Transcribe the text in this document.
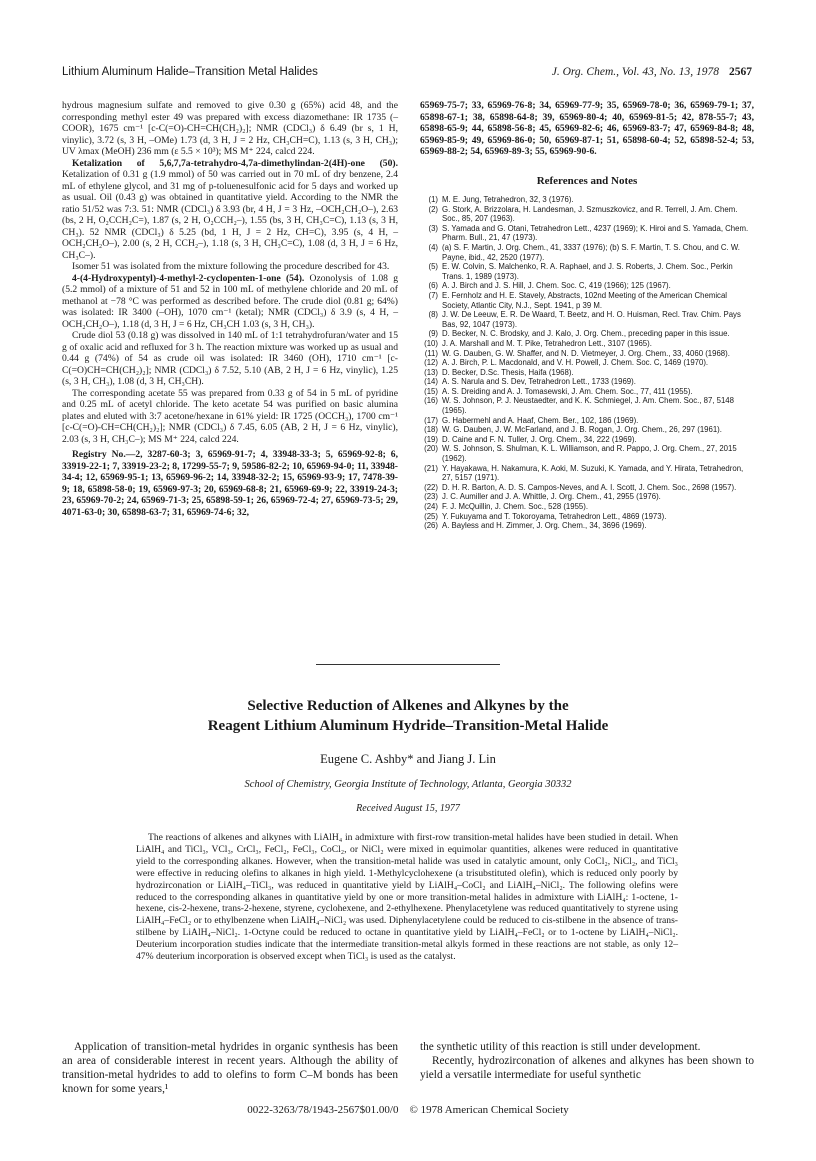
Lithium Aluminum Halide–Transition Metal Halides	J. Org. Chem., Vol. 43, No. 13, 1978 2567

hydrous magnesium sulfate and removed to give 0.30 g (65%) acid 48, and the corresponding methyl ester 49 was prepared with excess diazomethane: IR 1735 (–COOR), 1675 cm⁻¹ [c-C(=O)-CH=CH(CH₂)₂]; NMR (CDCl₃) δ 6.49 (br s, 1 H, vinylic), 3.72 (s, 3 H, –OMe) 1.73 (d, 3 H, J = 2 Hz, CH₃CH=C), 1.13 (s, 3 H, CH₃); UV λmax (MeOH) 236 mm (ε 5.5 × 10³); MS M⁺ 224, calcd 224.

Ketalization of 5,6,7,7a-tetrahydro-4,7a-dimethylindan-2(4H)-one (50). Ketalization of 0.31 g (1.9 mmol) of 50 was carried out in 70 mL of dry benzene, 2.4 mL of ethylene glycol, and 31 mg of p-toluenesulfonic acid for 5 days and worked up as usual. Oil (0.43 g) was obtained in quantitative yield. According to the NMR the ratio 51/52 was 7:3. 51: NMR (CDCl₃) δ 3.93 (br, 4 H, J = 3 Hz, –OCH₂CH₂O–), 2.63 (bs, 2 H, O₂CCH₂C=), 1.87 (s, 2 H, O₂CCH₂–), 1.55 (bs, 3 H, CH₃C=C), 1.13 (s, 3 H, CH₃). 52 NMR (CDCl₃) δ 5.25 (bd, 1 H, J = 2 Hz, CH=C), 3.95 (s, 4 H, –OCH₂CH₂O–), 2.00 (s, 2 H, CCH₂–), 1.18 (s, 3 H, CH₃C=C), 1.08 (d, 3 H, J = 6 Hz, CH₃C–).

Isomer 51 was isolated from the mixture following the procedure described for 43.

4-(4-Hydroxypentyl)-4-methyl-2-cyclopenten-1-one (54). Ozonolysis of 1.08 g (5.2 mmol) of a mixture of 51 and 52 in 100 mL of methylene chloride and 20 mL of methanol at −78 °C was performed as described before. The crude diol (0.81 g; 64%) was isolated: IR 3400 (–OH), 1070 cm⁻¹ (ketal); NMR (CDCl₃) δ 3.9 (s, 4 H, –OCH₂CH₂O–), 1.18 (d, 3 H, J = 6 Hz, CH₃CH 1.03 (s, 3 H, CH₃).

Crude diol 53 (0.18 g) was dissolved in 140 mL of 1:1 tetrahydrofuran/water and 15 g of oxalic acid and refluxed for 3 h. The reaction mixture was worked up as usual and 0.44 g (74%) of 54 as crude oil was isolated: IR 3460 (OH), 1710 cm⁻¹ [c-C(=O)CH=CH(CH₂)₂]; NMR (CDCl₃) δ 7.52, 5.10 (AB, 2 H, J = 6 Hz, vinylic), 1.25 (s, 3 H, CH₃), 1.08 (d, 3 H, CH₃CH).

The corresponding acetate 55 was prepared from 0.33 g of 54 in 5 mL of pyridine and 0.25 mL of acetyl chloride. The keto acetate 54 was purified on basic alumina plates and eluted with 3:7 acetone/hexane in 61% yield: IR 1725 (OCCH₃), 1700 cm⁻¹ [c-C(=O)-CH=CH(CH₂)₂]; NMR (CDCl₃) δ 7.45, 6.05 (AB, 2 H, J = 6 Hz, vinylic), 2.03 (s, 3 H, CH₃C–); MS M⁺ 224, calcd 224.

Registry No.—2, 3287-60-3; 3, 65969-91-7; 4, 33948-33-3; 5, 65969-92-8; 6, 33919-22-1; 7, 33919-23-2; 8, 17299-55-7; 9, 59586-82-2; 10, 65969-94-0; 11, 33948-34-4; 12, 65969-95-1; 13, 65969-96-2; 14, 33948-32-2; 15, 65969-93-9; 17, 7478-39-9; 18, 65898-58-0; 19, 65969-97-3; 20, 65969-68-8; 21, 65969-69-9; 22, 33919-24-3; 23, 65969-70-2; 24, 65969-71-3; 25, 65898-59-1; 26, 65969-72-4; 27, 65969-73-5; 29, 4071-63-0; 30, 65898-63-7; 31, 65969-74-6; 32,

65969-75-7; 33, 65969-76-8; 34, 65969-77-9; 35, 65969-78-0; 36, 65969-79-1; 37, 65898-67-1; 38, 65898-64-8; 39, 65969-80-4; 40, 65969-81-5; 42, 878-55-7; 43, 65898-65-9; 44, 65898-56-8; 45, 65969-82-6; 46, 65969-83-7; 47, 65969-84-8; 48, 65969-85-9; 49, 65969-86-0; 50, 65969-87-1; 51, 65898-60-4; 52, 65898-52-4; 53, 65969-88-2; 54, 65969-89-3; 55, 65969-90-6.

References and Notes
(1) M. E. Jung, Tetrahedron, 32, 3 (1976).
(2) G. Stork, A. Brizzolara, H. Landesman, J. Szmuszkovicz, and R. Terrell, J. Am. Chem. Soc., 85, 207 (1963).
(3) S. Yamada and G. Otani, Tetrahedron Lett., 4237 (1969); K. Hiroi and S. Yamada, Chem. Pharm. Bull., 21, 47 (1973).
(4) (a) S. F. Martin, J. Org. Chem., 41, 3337 (1976); (b) S. F. Martin, T. S. Chou, and C. W. Payne, ibid., 42, 2520 (1977).
(5) E. W. Colvin, S. Malchenko, R. A. Raphael, and J. S. Roberts, J. Chem. Soc., Perkin Trans. 1, 1989 (1973).
(6) A. J. Birch and J. S. Hill, J. Chem. Soc. C, 419 (1966); 125 (1967).
(7) E. Fernholz and H. E. Stavely, Abstracts, 102nd Meeting of the American Chemical Society, Atlantic City, N.J., Sept. 1941, p 39 M.
(8) J. W. De Leeuw, E. R. De Waard, T. Beetz, and H. O. Huisman, Recl. Trav. Chim. Pays Bas, 92, 1047 (1973).
(9) D. Becker, N. C. Brodsky, and J. Kalo, J. Org. Chem., preceding paper in this issue.
(10) J. A. Marshall and M. T. Pike, Tetrahedron Lett., 3107 (1965).
(11) W. G. Dauben, G. W. Shaffer, and N. D. Vietmeyer, J. Org. Chem., 33, 4060 (1968).
(12) A. J. Birch, P. L. Macdonald, and V. H. Powell, J. Chem. Soc. C, 1469 (1970).
(13) D. Becker, D.Sc. Thesis, Haifa (1968).
(14) A. S. Narula and S. Dev, Tetrahedron Lett., 1733 (1969).
(15) A. S. Dreiding and A. J. Tomasewski, J. Am. Chem. Soc., 77, 411 (1955).
(16) W. S. Johnson, P. J. Neustaedter, and K. K. Schmiegel, J. Am. Chem. Soc., 87, 5148 (1965).
(17) G. Habermehl and A. Haaf, Chem. Ber., 102, 186 (1969).
(18) W. G. Dauben, J. W. McFarland, and J. B. Rogan, J. Org. Chem., 26, 297 (1961).
(19) D. Caine and F. N. Tuller, J. Org. Chem., 34, 222 (1969).
(20) W. S. Johnson, S. Shulman, K. L. Williamson, and R. Pappo, J. Org. Chem., 27, 2015 (1962).
(21) Y. Hayakawa, H. Nakamura, K. Aoki, M. Suzuki, K. Yamada, and Y. Hirata, Tetrahedron, 27, 5157 (1971).
(22) D. H. R. Barton, A. D. S. Campos-Neves, and A. I. Scott, J. Chem. Soc., 2698 (1957).
(23) J. C. Aumiller and J. A. Whittle, J. Org. Chem., 41, 2955 (1976).
(24) F. J. McQuillin, J. Chem. Soc., 528 (1955).
(25) Y. Fukuyama and T. Tokoroyama, Tetrahedron Lett., 4869 (1973).
(26) A. Bayless and H. Zimmer, J. Org. Chem., 34, 3696 (1969).
Selective Reduction of Alkenes and Alkynes by the
Reagent Lithium Aluminum Hydride–Transition-Metal Halide
Eugene C. Ashby* and Jiang J. Lin
School of Chemistry, Georgia Institute of Technology, Atlanta, Georgia 30332
Received August 15, 1977
The reactions of alkenes and alkynes with LiAlH₄ in admixture with first-row transition-metal halides have been studied in detail. When LiAlH₄ and TiCl₃, VCl₃, CrCl₃, FeCl₂, FeCl₃, CoCl₂, or NiCl₂ were mixed in equimolar quantities, alkenes were reduced in quantitative yield to the corresponding alkanes. However, when the transition-metal halide was used in catalytic amount, only CoCl₂, NiCl₂, and TiCl₃ were effective in reducing olefins to alkanes in high yield. 1-Methylcyclohexene (a trisubstituted olefin), which is reduced only poorly by hydrozirconation or LiAlH₄–TiCl₃, was reduced in quantitative yield by LiAlH₄–CoCl₂ and LiAlH₄–NiCl₂. The following olefins were reduced to the corresponding alkanes in quantitative yield by one or more transition-metal halides in admixture with LiAlH₄: 1-octene, 1-hexene, cis-2-hexene, trans-2-hexene, styrene, cyclohexene, and 2-ethylhexene. Phenylacetylene was reduced quantitatively to styrene using LiAlH₄–FeCl₂ or to ethylbenzene when LiAlH₄–NiCl₂ was used. Diphenylacetylene could be reduced to cis-stilbene in the absence of trans-stilbene by LiAlH₄–NiCl₂. 1-Octyne could be reduced to octane in quantitative yield by LiAlH₄–FeCl₂ or to 1-octene by LiAlH₄–NiCl₂. Deuterium incorporation studies indicate that the intermediate transition-metal alkyls formed in these reactions are not stable, as only 12–47% deuterium incorporation is observed except when TiCl₃ is used as the catalyst.

Application of transition-metal hydrides in organic synthesis has been an area of considerable interest in recent years. Although the ability of transition-metal hydrides to add to olefins to form C–M bonds has been known for some years,¹

the synthetic utility of this reaction is still under development.

Recently, hydrozirconation of alkenes and alkynes has been shown to yield a versatile intermediate for useful synthetic

0022-3263/78/1943-2567$01.00/0 © 1978 American Chemical Society
